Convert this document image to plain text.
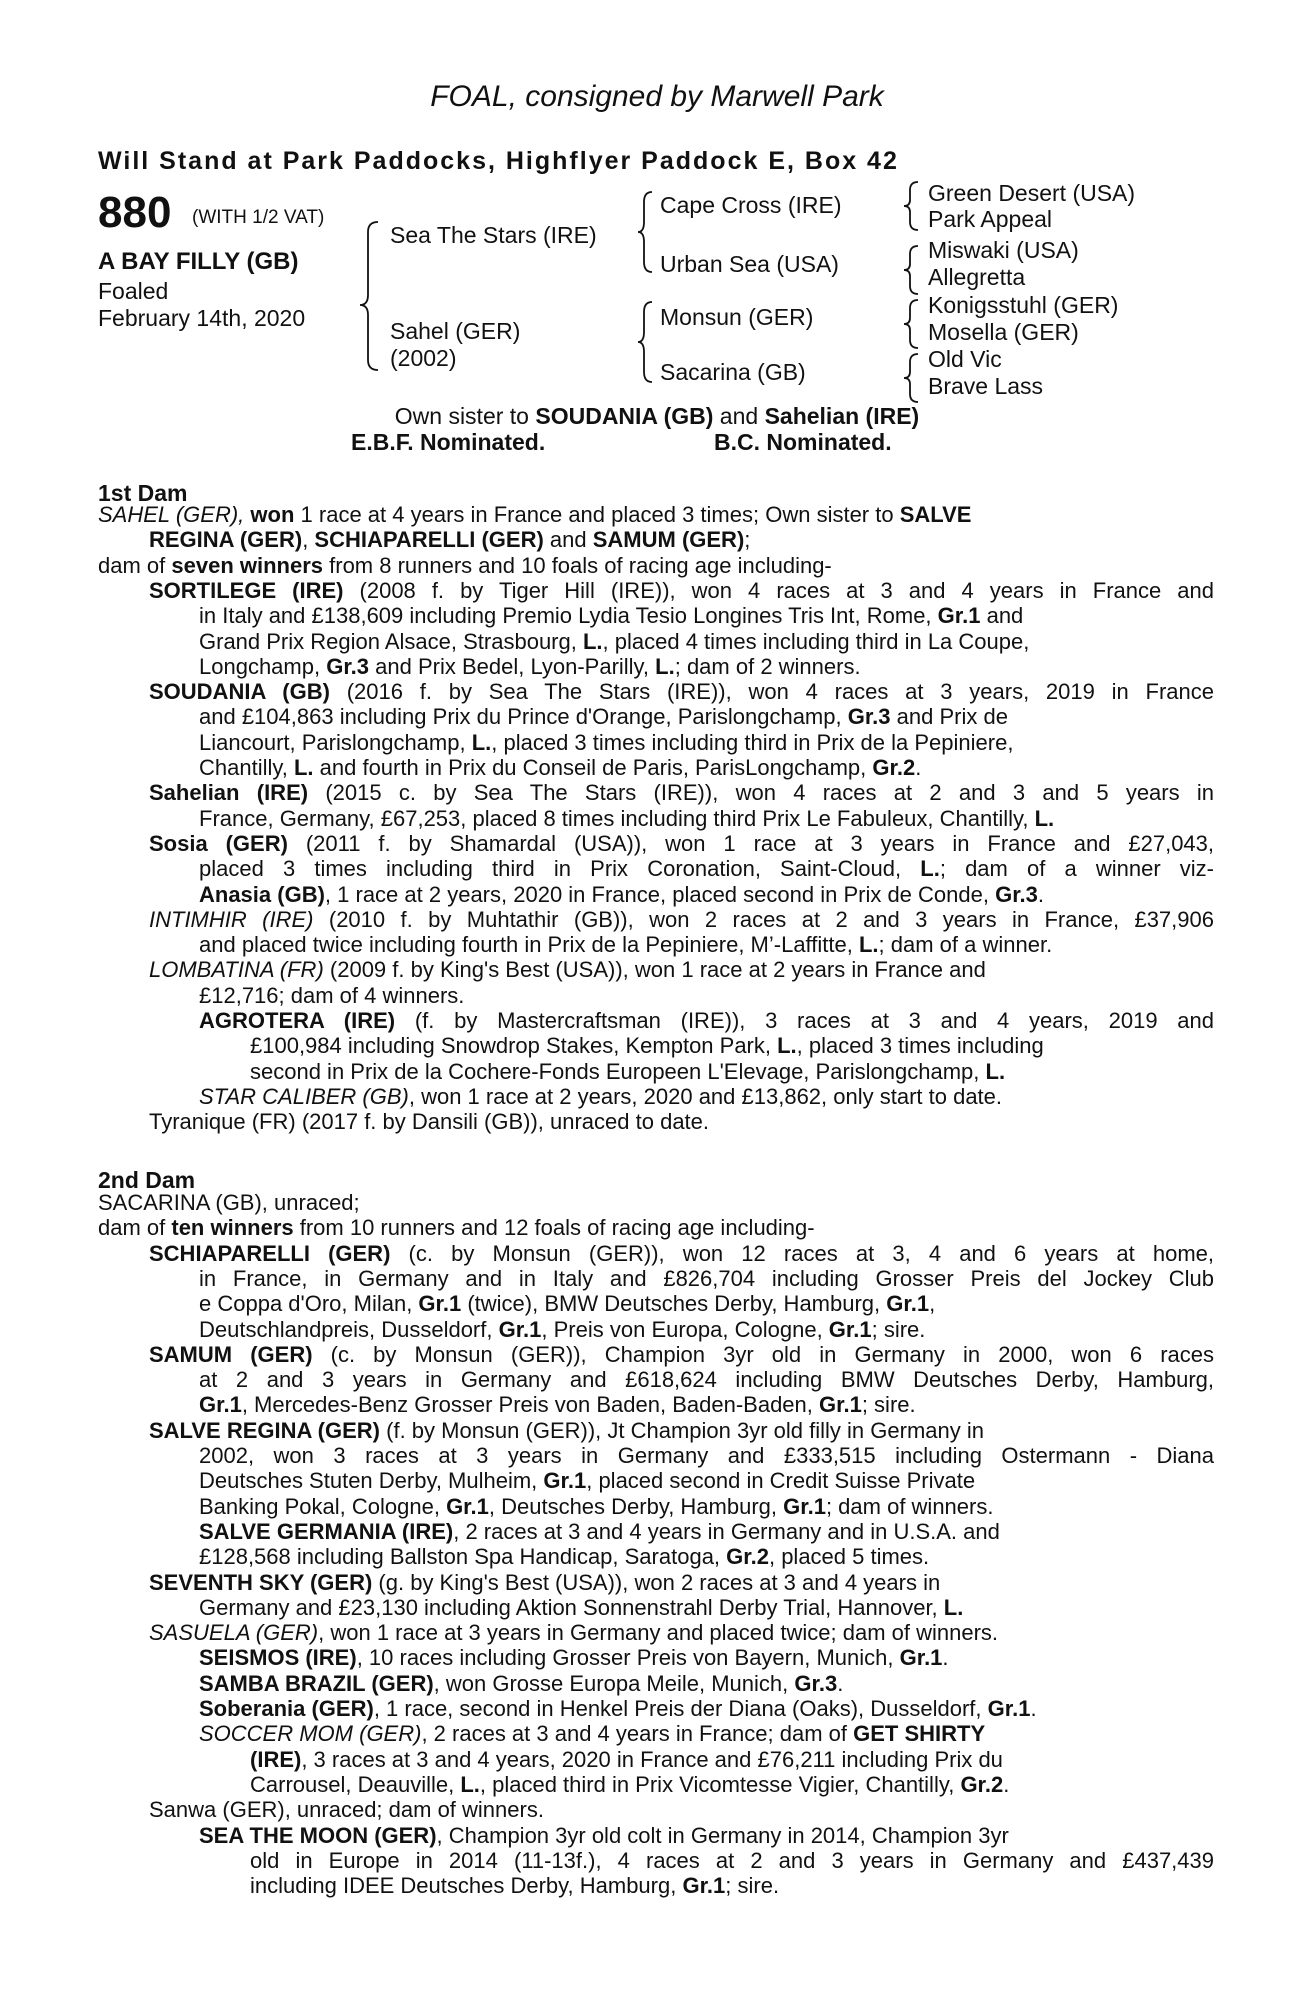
FOAL, consigned by Marwell Park
Will Stand at Park Paddocks, Highflyer Paddock E, Box 42
880 (WITH 1/2 VAT)
A BAY FILLY (GB)
Foaled
February 14th, 2020
Sea The Stars (IRE)
Sahel (GER)
(2002)
Cape Cross (IRE)
Urban Sea (USA)
Monsun (GER)
Sacarina (GB)
Green Desert (USA)
Park Appeal
Miswaki (USA)
Allegretta
Konigsstuhl (GER)
Mosella (GER)
Old Vic
Brave Lass
Own sister to SOUDANIA (GB) and Sahelian (IRE)
E.B.F. Nominated.	B.C. Nominated.
1st Dam
SAHEL (GER), won 1 race at 4 years in France and placed 3 times; Own sister to SALVE
REGINA (GER), SCHIAPARELLI (GER) and SAMUM (GER);
dam of seven winners from 8 runners and 10 foals of racing age including-
SORTILEGE (IRE) (2008 f. by Tiger Hill (IRE)), won 4 races at 3 and 4 years in France and
in Italy and £138,609 including Premio Lydia Tesio Longines Tris Int, Rome, Gr.1 and
Grand Prix Region Alsace, Strasbourg, L., placed 4 times including third in La Coupe,
Longchamp, Gr.3 and Prix Bedel, Lyon-Parilly, L.; dam of 2 winners.
SOUDANIA (GB) (2016 f. by Sea The Stars (IRE)), won 4 races at 3 years, 2019 in France
and £104,863 including Prix du Prince d'Orange, Parislongchamp, Gr.3 and Prix de
Liancourt, Parislongchamp, L., placed 3 times including third in Prix de la Pepiniere,
Chantilly, L. and fourth in Prix du Conseil de Paris, ParisLongchamp, Gr.2.
Sahelian (IRE) (2015 c. by Sea The Stars (IRE)), won 4 races at 2 and 3 and 5 years in
France, Germany, £67,253, placed 8 times including third Prix Le Fabuleux, Chantilly, L.
Sosia (GER) (2011 f. by Shamardal (USA)), won 1 race at 3 years in France and £27,043,
placed 3 times including third in Prix Coronation, Saint-Cloud, L.; dam of a winner viz-
Anasia (GB), 1 race at 2 years, 2020 in France, placed second in Prix de Conde, Gr.3.
INTIMHIR (IRE) (2010 f. by Muhtathir (GB)), won 2 races at 2 and 3 years in France, £37,906
and placed twice including fourth in Prix de la Pepiniere, M’-Laffitte, L.; dam of a winner.
LOMBATINA (FR) (2009 f. by King's Best (USA)), won 1 race at 2 years in France and
£12,716; dam of 4 winners.
AGROTERA (IRE) (f. by Mastercraftsman (IRE)), 3 races at 3 and 4 years, 2019 and
£100,984 including Snowdrop Stakes, Kempton Park, L., placed 3 times including
second in Prix de la Cochere-Fonds Europeen L'Elevage, Parislongchamp, L.
STAR CALIBER (GB), won 1 race at 2 years, 2020 and £13,862, only start to date.
Tyranique (FR) (2017 f. by Dansili (GB)), unraced to date.
2nd Dam
SACARINA (GB), unraced;
dam of ten winners from 10 runners and 12 foals of racing age including-
SCHIAPARELLI (GER) (c. by Monsun (GER)), won 12 races at 3, 4 and 6 years at home,
in France, in Germany and in Italy and £826,704 including Grosser Preis del Jockey Club
e Coppa d'Oro, Milan, Gr.1 (twice), BMW Deutsches Derby, Hamburg, Gr.1,
Deutschlandpreis, Dusseldorf, Gr.1, Preis von Europa, Cologne, Gr.1; sire.
SAMUM (GER) (c. by Monsun (GER)), Champion 3yr old in Germany in 2000, won 6 races
at 2 and 3 years in Germany and £618,624 including BMW Deutsches Derby, Hamburg,
Gr.1, Mercedes-Benz Grosser Preis von Baden, Baden-Baden, Gr.1; sire.
SALVE REGINA (GER) (f. by Monsun (GER)), Jt Champion 3yr old filly in Germany in
2002, won 3 races at 3 years in Germany and £333,515 including Ostermann - Diana
Deutsches Stuten Derby, Mulheim, Gr.1, placed second in Credit Suisse Private
Banking Pokal, Cologne, Gr.1, Deutsches Derby, Hamburg, Gr.1; dam of winners.
SALVE GERMANIA (IRE), 2 races at 3 and 4 years in Germany and in U.S.A. and
£128,568 including Ballston Spa Handicap, Saratoga, Gr.2, placed 5 times.
SEVENTH SKY (GER) (g. by King's Best (USA)), won 2 races at 3 and 4 years in
Germany and £23,130 including Aktion Sonnenstrahl Derby Trial, Hannover, L.
SASUELA (GER), won 1 race at 3 years in Germany and placed twice; dam of winners.
SEISMOS (IRE), 10 races including Grosser Preis von Bayern, Munich, Gr.1.
SAMBA BRAZIL (GER), won Grosse Europa Meile, Munich, Gr.3.
Soberania (GER), 1 race, second in Henkel Preis der Diana (Oaks), Dusseldorf, Gr.1.
SOCCER MOM (GER), 2 races at 3 and 4 years in France; dam of GET SHIRTY
(IRE), 3 races at 3 and 4 years, 2020 in France and £76,211 including Prix du
Carrousel, Deauville, L., placed third in Prix Vicomtesse Vigier, Chantilly, Gr.2.
Sanwa (GER), unraced; dam of winners.
SEA THE MOON (GER), Champion 3yr old colt in Germany in 2014, Champion 3yr
old in Europe in 2014 (11-13f.), 4 races at 2 and 3 years in Germany and £437,439
including IDEE Deutsches Derby, Hamburg, Gr.1; sire.
